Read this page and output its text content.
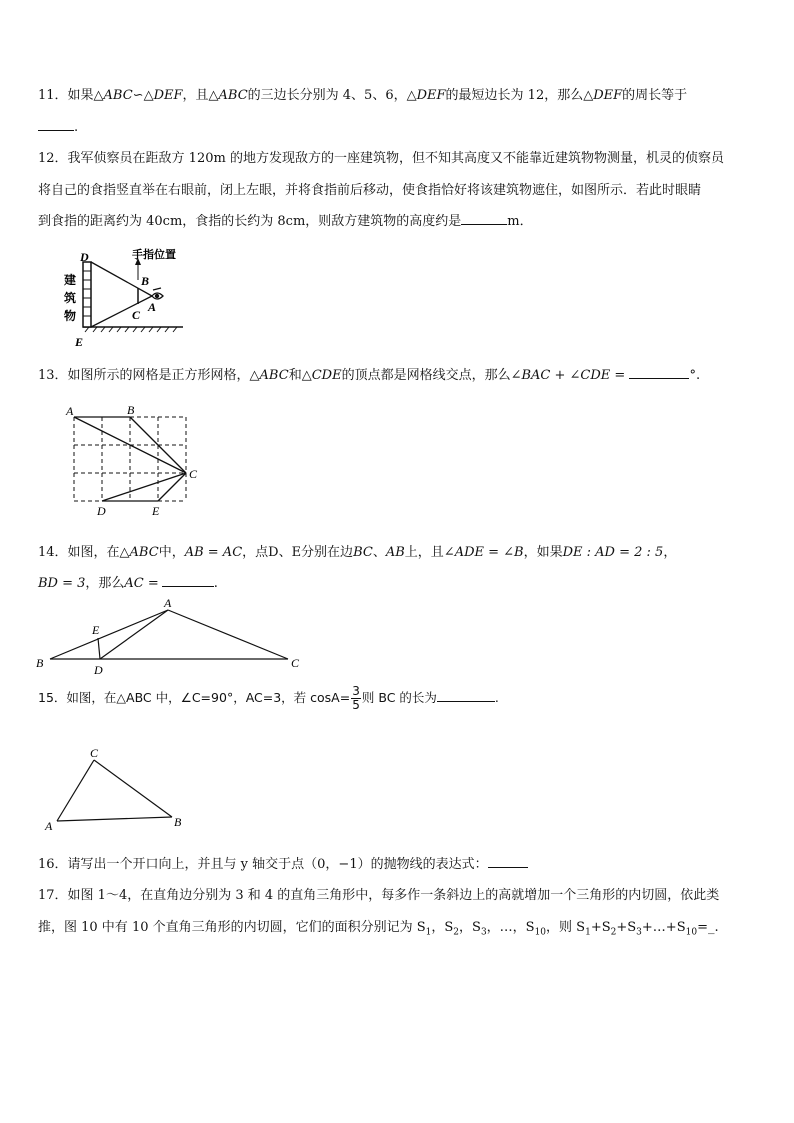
11．如果△ABC∽△DEF，且△ABC的三边长分别为 4、5、6，△DEF的最短边长为 12，那么△DEF的周长等于
.
12．我军侦察员在距敌方 120m 的地方发现敌方的一座建筑物，但不知其高度又不能靠近建筑物物测量，机灵的侦察员
将自己的食指竖直举在右眼前，闭上左眼，并将食指前后移动，使食指恰好将该建筑物遮住，如图所示．若此时眼睛
到食指的距离约为 40cm，食指的长约为 8cm，则敌方建筑物的高度约是	m．
D
E
B
C
A
手指位置
建
筑
物
13．如图所示的网格是正方形网格，△ABC和△CDE的顶点都是网格线交点，那么∠BAC + ∠CDE =	°.
A	B
C
D	E
14．如图，在△ABC中，AB = AC，点D、E分别在边BC、AB上，且∠ADE = ∠B，如果DE : AD = 2 : 5，
BD = 3，那么AC =	.
A
B	C
D
E
15．如图，在△ABC 中，∠C=90°，AC=3，若 $\cos A= \frac{3}{5}$ 则 BC 的长为	.
C
A	B
16．请写出一个开口向上，并且与 y 轴交于点（0，−1）的抛物线的表达式：
17．如图 1～4，在直角边分别为 3 和 4 的直角三角形中，每多作一条斜边上的高就增加一个三角形的内切圆，依此类
推，图 10 中有 10 个直角三角形的内切圆，它们的面积分别记为 $S_1$，$S_2$，$S_3$，…，$S_{10}$，则 $S_1+S_2+S_3+\dots+S_{10}=\_$.
